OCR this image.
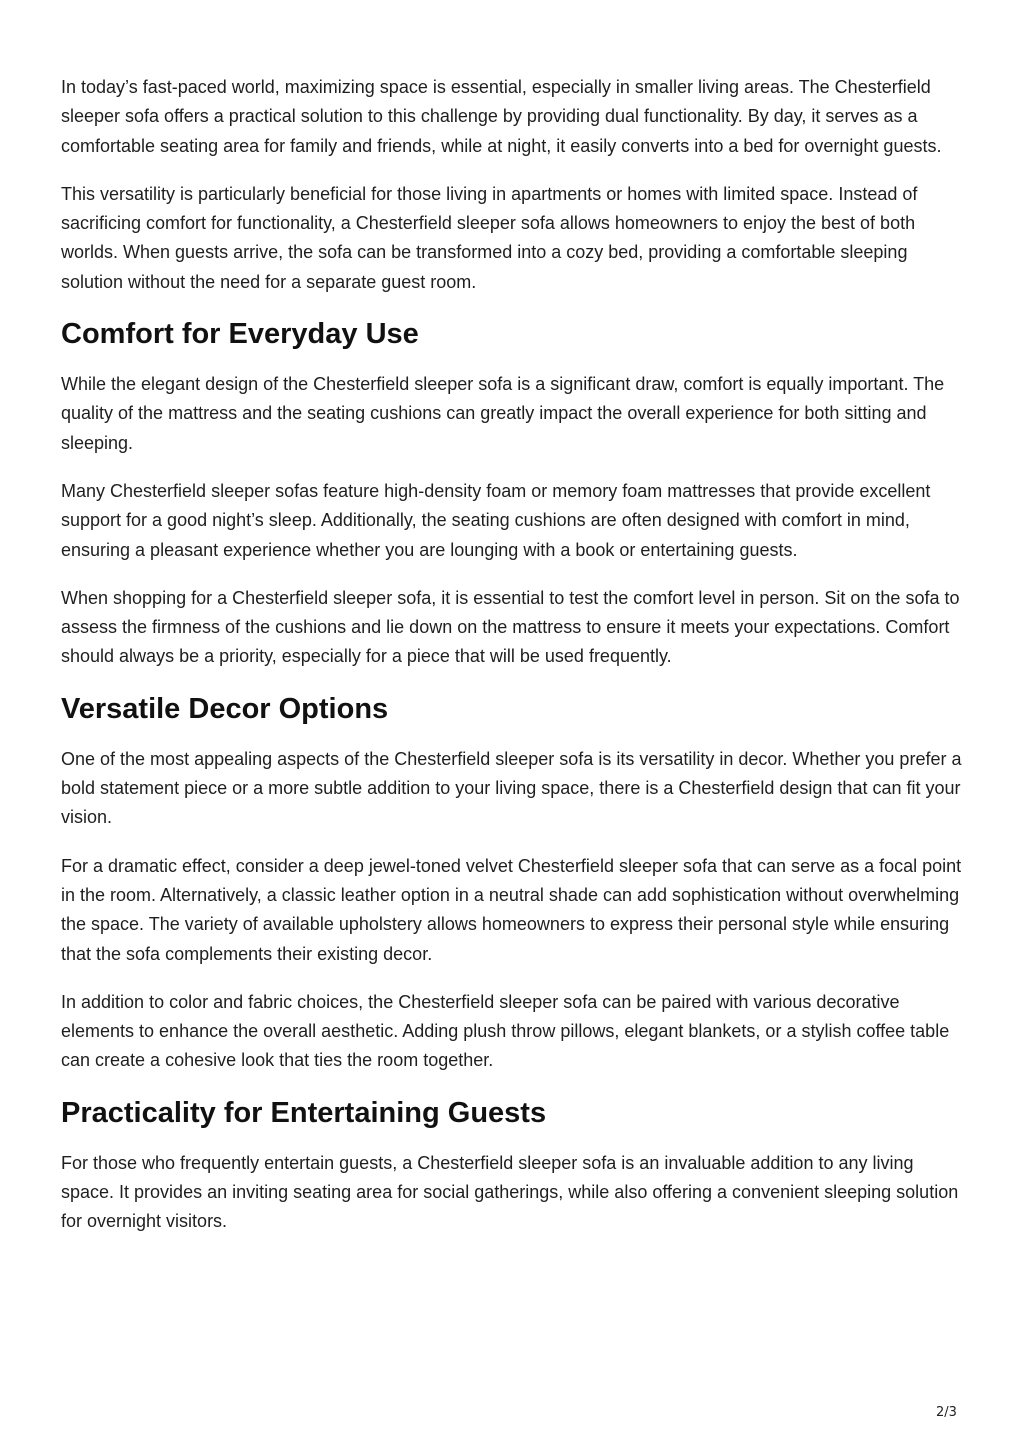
In today’s fast-paced world, maximizing space is essential, especially in smaller living areas. The Chesterfield sleeper sofa offers a practical solution to this challenge by providing dual functionality. By day, it serves as a comfortable seating area for family and friends, while at night, it easily converts into a bed for overnight guests.

This versatility is particularly beneficial for those living in apartments or homes with limited space. Instead of sacrificing comfort for functionality, a Chesterfield sleeper sofa allows homeowners to enjoy the best of both worlds. When guests arrive, the sofa can be transformed into a cozy bed, providing a comfortable sleeping solution without the need for a separate guest room.

Comfort for Everyday Use

While the elegant design of the Chesterfield sleeper sofa is a significant draw, comfort is equally important. The quality of the mattress and the seating cushions can greatly impact the overall experience for both sitting and sleeping.

Many Chesterfield sleeper sofas feature high-density foam or memory foam mattresses that provide excellent support for a good night’s sleep. Additionally, the seating cushions are often designed with comfort in mind, ensuring a pleasant experience whether you are lounging with a book or entertaining guests.

When shopping for a Chesterfield sleeper sofa, it is essential to test the comfort level in person. Sit on the sofa to assess the firmness of the cushions and lie down on the mattress to ensure it meets your expectations. Comfort should always be a priority, especially for a piece that will be used frequently.

Versatile Decor Options

One of the most appealing aspects of the Chesterfield sleeper sofa is its versatility in decor. Whether you prefer a bold statement piece or a more subtle addition to your living space, there is a Chesterfield design that can fit your vision.

For a dramatic effect, consider a deep jewel-toned velvet Chesterfield sleeper sofa that can serve as a focal point in the room. Alternatively, a classic leather option in a neutral shade can add sophistication without overwhelming the space. The variety of available upholstery allows homeowners to express their personal style while ensuring that the sofa complements their existing decor.

In addition to color and fabric choices, the Chesterfield sleeper sofa can be paired with various decorative elements to enhance the overall aesthetic. Adding plush throw pillows, elegant blankets, or a stylish coffee table can create a cohesive look that ties the room together.

Practicality for Entertaining Guests

For those who frequently entertain guests, a Chesterfield sleeper sofa is an invaluable addition to any living space. It provides an inviting seating area for social gatherings, while also offering a convenient sleeping solution for overnight visitors.

2/3
